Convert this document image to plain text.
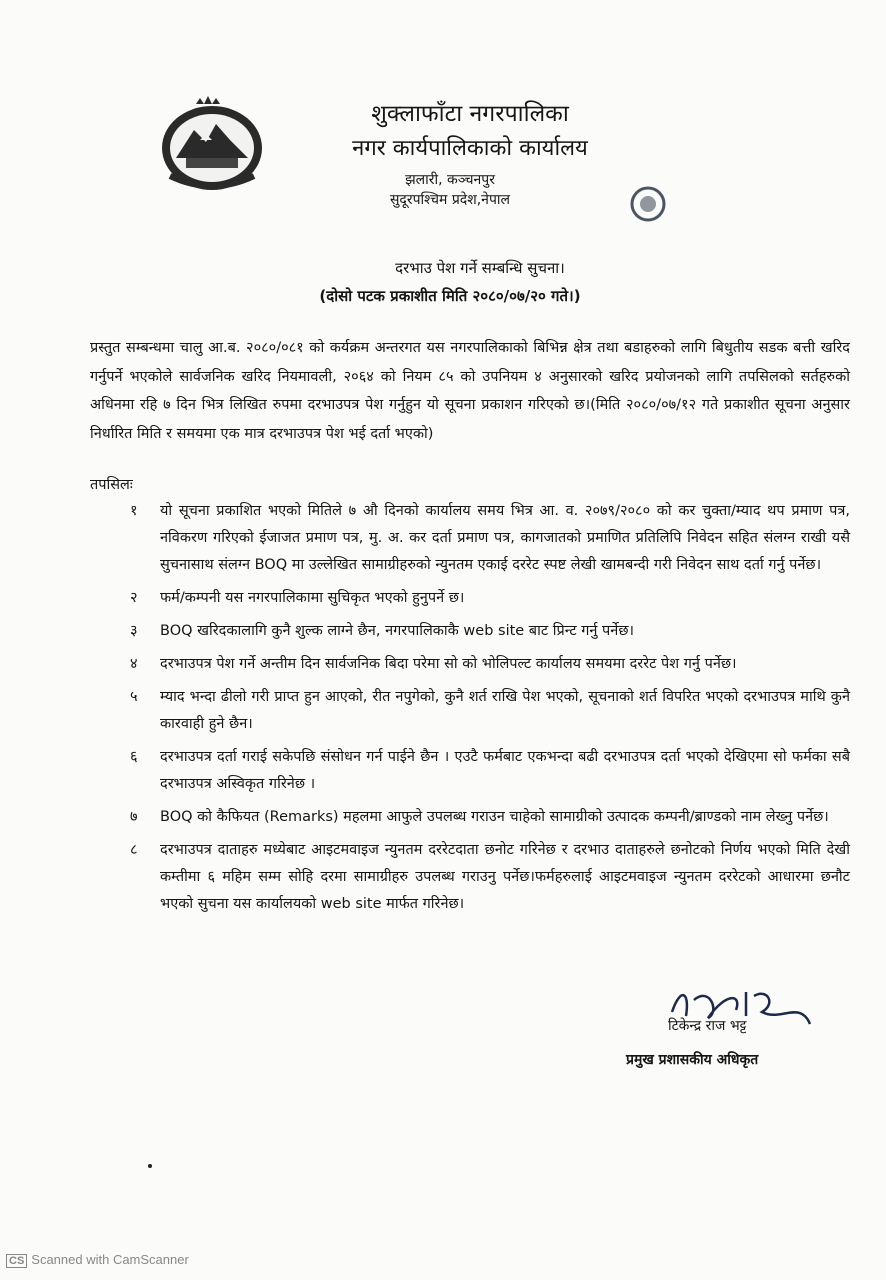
शुक्लाफाँटा नगरपालिका
नगर कार्यपालिकाको कार्यालय
झलारी, कञ्चनपुर
सुदूरपश्चिम प्रदेश,नेपाल
दरभाउ पेश गर्ने सम्बन्धि सुचना।
(दोसो पटक प्रकाशीत मिति २०८०/०७/२० गते।)
प्रस्तुत सम्बन्धमा चालु आ.ब. २०८०/०८१ को कर्यक्रम अन्तरगत यस नगरपालिकाको बिभिन्न क्षेत्र तथा बडाहरुको लागि बिधुतीय सडक बत्ती खरिद गर्नुपर्ने भएकोले सार्वजनिक खरिद नियमावली, २०६४ को नियम ८५ को उपनियम ४ अनुसारको खरिद प्रयोजनको लागि तपसिलको सर्तहरुको अधिनमा रहि ७ दिन भित्र लिखित रुपमा दरभाउपत्र पेश गर्नुहुन यो सूचना प्रकाशन गरिएको छ।(मिति २०८०/०७/१२ गते प्रकाशीत सूचना अनुसार निर्धारित मिति र समयमा एक मात्र दरभाउपत्र पेश भई दर्ता भएको)
तपसिलः
१	यो सूचना प्रकाशित भएको मितिले ७ औ दिनको कार्यालय समय भित्र आ. व. २०७९/२०८० को कर चुक्ता/म्याद थप प्रमाण पत्र, नविकरण गरिएको ईजाजत प्रमाण पत्र, मु. अ. कर दर्ता प्रमाण पत्र, कागजातको प्रमाणित प्रतिलिपि निवेदन सहित संलग्न राखी यसै सुचनासाथ संलग्न BOQ मा उल्लेखित सामाग्रीहरुको न्युनतम एकाई दररेट स्पष्ट लेखी खामबन्दी गरी निवेदन साथ दर्ता गर्नु पर्नेछ।
२	फर्म/कम्पनी यस नगरपालिकामा सुचिकृत भएको हुनुपर्ने छ।
३	BOQ खरिदकालागि कुनै शुल्क लाग्ने छैन, नगरपालिकाकै web site बाट प्रिन्ट गर्नु पर्नेछ।
४	दरभाउपत्र पेश गर्ने अन्तीम दिन सार्वजनिक बिदा परेमा सो को भोलिपल्ट कार्यालय समयमा दररेट पेश गर्नु पर्नेछ।
५	म्याद भन्दा ढीलो गरी प्राप्त हुन आएको, रीत नपुगेको, कुनै शर्त राखि पेश भएको, सूचनाको शर्त विपरित भएको दरभाउपत्र माथि कुनै कारवाही हुने छैन।
६	दरभाउपत्र दर्ता गराई सकेपछि संसोधन गर्न पाईने छैन । एउटै फर्मबाट एकभन्दा बढी दरभाउपत्र दर्ता भएको देखिएमा सो फर्मका सबै दरभाउपत्र अस्विकृत गरिनेछ ।
७	BOQ को कैफियत (Remarks) महलमा आफुले उपलब्ध गराउन चाहेको सामाग्रीको उत्पादक कम्पनी/ब्राण्डको नाम लेख्नु पर्नेछ।
८	दरभाउपत्र दाताहरु मध्येबाट आइटमवाइज न्युनतम दररेटदाता छनोट गरिनेछ र दरभाउ दाताहरुले छनोटको निर्णय भएको मिति देखी कम्तीमा ६ महिम सम्म सोहि दरमा सामाग्रीहरु उपलब्ध गराउनु पर्नेछ।फर्महरुलाई आइटमवाइज न्युनतम दररेटको आधारमा छनौट भएको सुचना यस कार्यालयको web site मार्फत गरिनेछ।
टिकेन्द्र राज भट्ट
प्रमुख प्रशासकीय अधिकृत
CS Scanned with CamScanner
